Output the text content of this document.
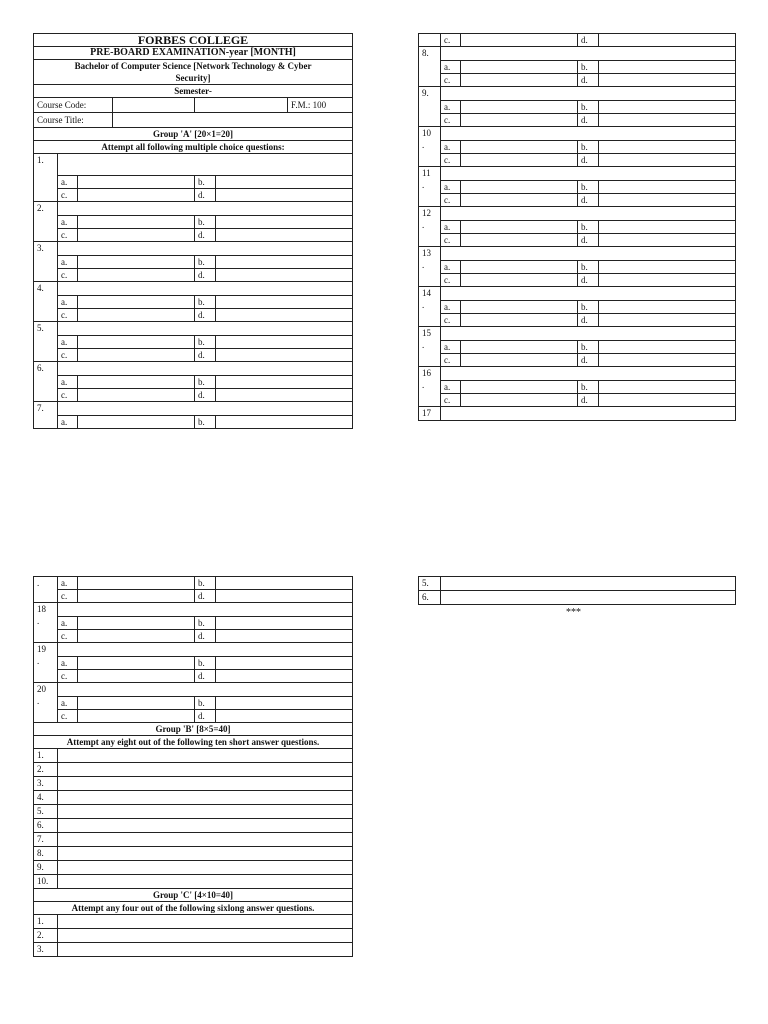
FORBES COLLEGE				
PRE-BOARD EXAMINATION-year [MONTH]				

Bachelor of Computer Science [Network Technology & Cyber
Security]				

Semester-				

Course Code:			F.M.: 100	

Course Title:				

Group 'A' [20×1=20]				
Attempt all following multiple choice questions:				
1.				
	a.		b.	
	c.		d.	
2.				
	a.		b.	
	c.		d.	
3.				
	a.		b.	
	c.		d.	
4.				
	a.		b.	
	c.		d.	
5.				
	a.		b.	
	c.		d.	
6.				
	a.		b.	
	c.		d.	
7.				
	a.		b.	
	c.		d.	
8.				
	a.		b.	
	c.		d.	
9.				
	a.		b.	
	c.		d.	
10
.				
	a.		b.	
	c.		d.	
11
.				
	a.		b.	
	c.		d.	
12
.				
	a.		b.	
	c.		d.	
13
.				
	a.		b.	
	c.		d.	
14
.				
	a.		b.	
	c.		d.	
15
.				
	a.		b.	
	c.		d.	
16
.				
	a.		b.	
	c.		d.	
17				
.	a.		b.	
	c.		d.	
18
.				
	a.		b.	
	c.		d.	
19
.				
	a.		b.	
	c.		d.	
20
.				
	a.		b.	
	c.		d.	
Group 'B' [8×5=40]				
Attempt any eight out of the following ten short answer questions.				
1.				
2.				
3.				
4.				
5.				
6.				
7.				
8.				
9.				
10.				
Group 'C' [4×10=40]				
Attempt any four out of the following sixlong answer questions.				
1.				
2.				
3.				
5.	
6.	
***
